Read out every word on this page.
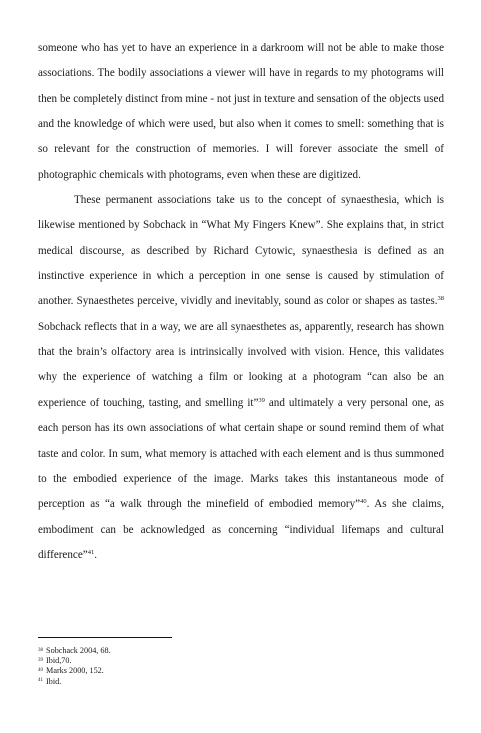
someone who has yet to have an experience in a darkroom will not be able to make those associations. The bodily associations a viewer will have in regards to my photograms will then be completely distinct from mine - not just in texture and sensation of the objects used and the knowledge of which were used, but also when it comes to smell: something that is so relevant for the construction of memories. I will forever associate the smell of photographic chemicals with photograms, even when these are digitized.

These permanent associations take us to the concept of synaesthesia, which is likewise mentioned by Sobchack in “What My Fingers Knew”. She explains that, in strict medical discourse, as described by Richard Cytowic, synaesthesia is defined as an instinctive experience in which a perception in one sense is caused by stimulation of another. Synaesthetes perceive, vividly and inevitably, sound as color or shapes as tastes.$^{38}$ Sobchack reflects that in a way, we are all synaesthetes as, apparently, research has shown that the brain’s olfactory area is intrinsically involved with vision. Hence, this validates why the experience of watching a film or looking at a photogram “can also be an experience of touching, tasting, and smelling it”$^{39}$ and ultimately a very personal one, as each person has its own associations of what certain shape or sound remind them of what taste and color. In sum, what memory is attached with each element and is thus summoned to the embodied experience of the image. Marks takes this instantaneous mode of perception as “a walk through the minefield of embodied memory”$^{40}$. As she claims, embodiment can be acknowledged as concerning “individual lifemaps and cultural difference”$^{41}$.

$^{38}$ Sobchack 2004, 68.

$^{39}$ Ibid,70.

$^{40}$ Marks 2000, 152.

$^{41}$ Ibid.
